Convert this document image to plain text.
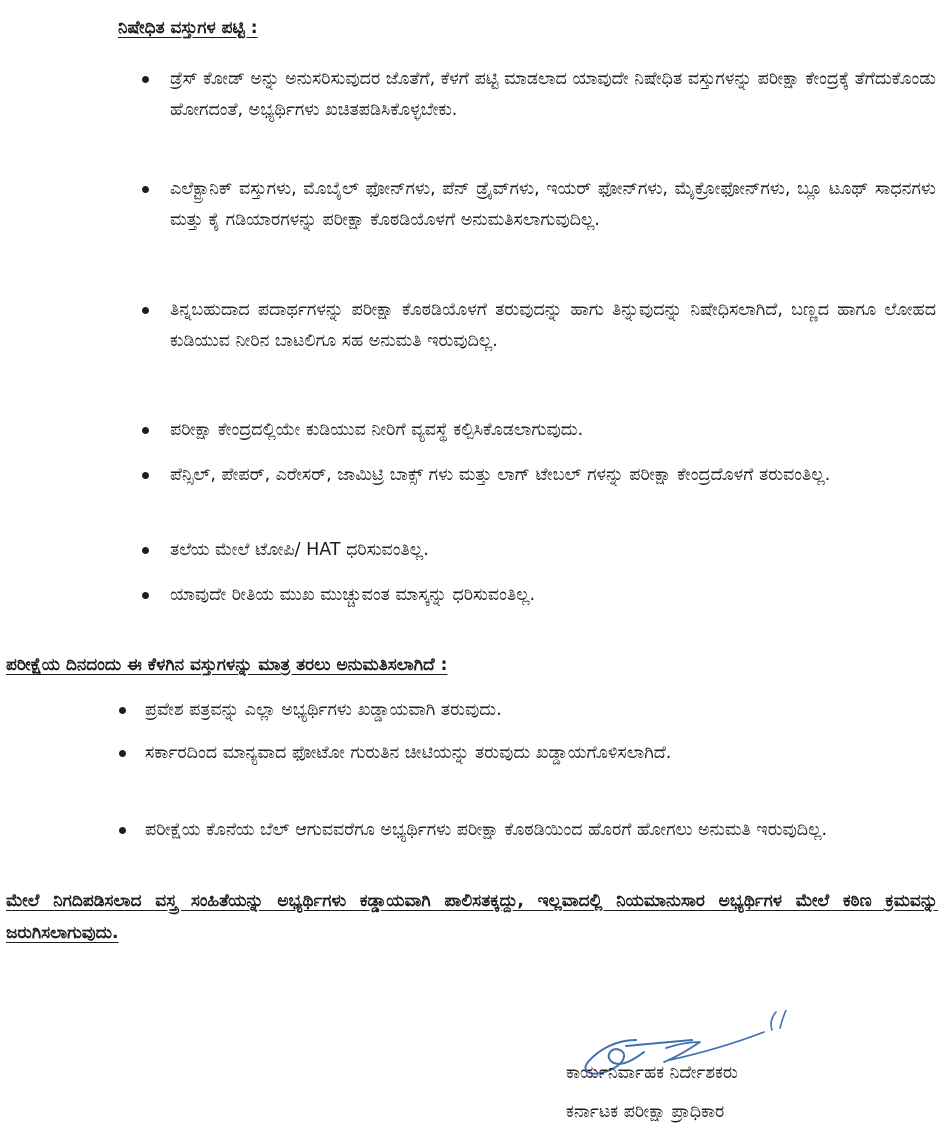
ನಿಷೇಧಿತ ವಸ್ತುಗಳ ಪಟ್ಟಿ :
ಡ್ರೆಸ್ ಕೋಡ್ ಅನ್ನು ಅನುಸರಿಸುವುದರ ಜೊತೆಗೆ, ಕೆಳಗೆ ಪಟ್ಟಿ ಮಾಡಲಾದ ಯಾವುದೇ ನಿಷೇಧಿತ ವಸ್ತುಗಳನ್ನು ಪರೀಕ್ಷಾ ಕೇಂದ್ರಕ್ಕೆ ತೆಗೆದುಕೊಂಡು ಹೋಗದಂತೆ, ಅಭ್ಯರ್ಥಿಗಳು ಖಚಿತಪಡಿಸಿಕೊಳ್ಳಬೇಕು.
ಎಲೆಕ್ಟ್ರಾನಿಕ್ ವಸ್ತುಗಳು, ಮೊಬೈಲ್ ಫೋನ್‌ಗಳು, ಪೆನ್ ಡ್ರೈವ್‌ಗಳು, ಇಯರ್ ಫೋನ್‌ಗಳು, ಮೈಕ್ರೋಫೋನ್‌ಗಳು, ಬ್ಲೂ ಟೂಥ್ ಸಾಧನಗಳು ಮತ್ತು ಕೈ ಗಡಿಯಾರಗಳನ್ನು ಪರೀಕ್ಷಾ ಕೊಠಡಿಯೊಳಗೆ ಅನುಮತಿಸಲಾಗುವುದಿಲ್ಲ.
ತಿನ್ನಬಹುದಾದ ಪದಾರ್ಥಗಳನ್ನು ಪರೀಕ್ಷಾ ಕೊಠಡಿಯೊಳಗೆ ತರುವುದನ್ನು ಹಾಗು ತಿನ್ನುವುದನ್ನು ನಿಷೇಧಿಸಲಾಗಿದೆ, ಬಣ್ಣದ ಹಾಗೂ ಲೋಹದ ಕುಡಿಯುವ ನೀರಿನ ಬಾಟಲಿಗೂ ಸಹ ಅನುಮತಿ ಇರುವುದಿಲ್ಲ.
ಪರೀಕ್ಷಾ ಕೇಂದ್ರದಲ್ಲಿಯೇ ಕುಡಿಯುವ ನೀರಿಗೆ ವ್ಯವಸ್ಥೆ ಕಲ್ಪಿಸಿಕೊಡಲಾಗುವುದು.
ಪೆನ್ಸಿಲ್, ಪೇಪರ್, ಎರೇಸರ್, ಜಾಮಿಟ್ರಿ ಬಾಕ್ಸ್ ಗಳು ಮತ್ತು ಲಾಗ್ ಟೇಬಲ್ ಗಳನ್ನು ಪರೀಕ್ಷಾ ಕೇಂದ್ರದೊಳಗೆ ತರುವಂತಿಲ್ಲ.
ತಲೆಯ ಮೇಲೆ ಟೋಪಿ/ HAT ಧರಿಸುವಂತಿಲ್ಲ.
ಯಾವುದೇ ರೀತಿಯ ಮುಖ ಮುಚ್ಚುವಂತ ಮಾಸ್ಕನ್ನು ಧರಿಸುವಂತಿಲ್ಲ.
ಪರೀಕ್ಷೆಯ ದಿನದಂದು ಈ ಕೆಳಗಿನ ವಸ್ತುಗಳನ್ನು ಮಾತ್ರ ತರಲು ಅನುಮತಿಸಲಾಗಿದೆ :
ಪ್ರವೇಶ ಪತ್ರವನ್ನು ಎಲ್ಲಾ ಅಭ್ಯರ್ಥಿಗಳು ಖಡ್ಡಾಯವಾಗಿ ತರುವುದು.
ಸರ್ಕಾರದಿಂದ ಮಾನ್ಯವಾದ ಫೋಟೋ ಗುರುತಿನ ಚೀಟಿಯನ್ನು ತರುವುದು ಖಡ್ಡಾಯಗೊಳಿಸಲಾಗಿದೆ.
ಪರೀಕ್ಷೆಯ ಕೊನೆಯ ಬೆಲ್ ಆಗುವವರೆಗೂ ಅಭ್ಯರ್ಥಿಗಳು ಪರೀಕ್ಷಾ ಕೊಠಡಿಯಿಂದ ಹೊರಗೆ ಹೋಗಲು ಅನುಮತಿ ಇರುವುದಿಲ್ಲ.
ಮೇಲೆ ನಿಗದಿಪಡಿಸಲಾದ ವಸ್ತ್ರ ಸಂಹಿತೆಯನ್ನು ಅಭ್ಯರ್ಥಿಗಳು ಕಡ್ಡಾಯವಾಗಿ ಪಾಲಿಸತಕ್ಕದ್ದು, ಇಲ್ಲವಾದಲ್ಲಿ ನಿಯಮಾನುಸಾರ ಅಭ್ಯರ್ಥಿಗಳ ಮೇಲೆ ಕಠಿಣ ಕ್ರಮವನ್ನು ಜರುಗಿಸಲಾಗುವುದು.
ಕಾರ್ಯನಿರ್ವಾಹಕ ನಿರ್ದೇಶಕರು
ಕರ್ನಾಟಕ ಪರೀಕ್ಷಾ ಪ್ರಾಧಿಕಾರ
